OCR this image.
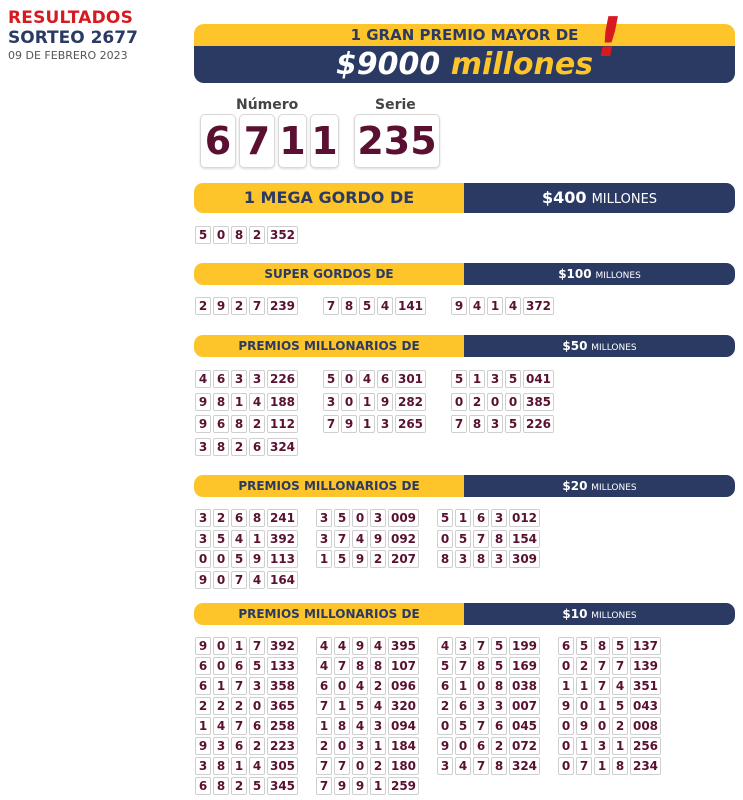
RESULTADOS
SORTEO 2677
09 DE FEBRERO 2023
1 GRAN PREMIO MAYOR DE
$9000 millones !
Número	Serie
6 7 1 1 235
1 MEGA GORDO DE	$400 MILLONES
SUPER GORDOS DE	$100 MILLONES
PREMIOS MILLONARIOS DE	$50 MILLONES
PREMIOS MILLONARIOS DE	$20 MILLONES
PREMIOS MILLONARIOS DE	$10 MILLONES
5 0 8 2 352
2 9 2 7 239	7 8 5 4 141	9 4 1 4 372
4 6 3 3 226	5 0 4 6 301	5 1 3 5 041
9 8 1 4 188	3 0 1 9 282	0 2 0 0 385
9 6 8 2 112	7 9 1 3 265	7 8 3 5 226
3 8 2 6 324
3 2 6 8 241	3 5 0 3 009	5 1 6 3 012
3 5 4 1 392	3 7 4 9 092	0 5 7 8 154
0 0 5 9 113	1 5 9 2 207	8 3 8 3 309
9 0 7 4 164
9 0 1 7 392	4 4 9 4 395	4 3 7 5 199	6 5 8 5 137
6 0 6 5 133	4 7 8 8 107	5 7 8 5 169	0 2 7 7 139
6 1 7 3 358	6 0 4 2 096	6 1 0 8 038	1 1 7 4 351
2 2 2 0 365	7 1 5 4 320	2 6 3 3 007	9 0 1 5 043
1 4 7 6 258	1 8 4 3 094	0 5 7 6 045	0 9 0 2 008
9 3 6 2 223	2 0 3 1 184	9 0 6 2 072	0 1 3 1 256
3 8 1 4 305	7 7 0 2 180	3 4 7 8 324	0 7 1 8 234
6 8 2 5 345	7 9 9 1 259
